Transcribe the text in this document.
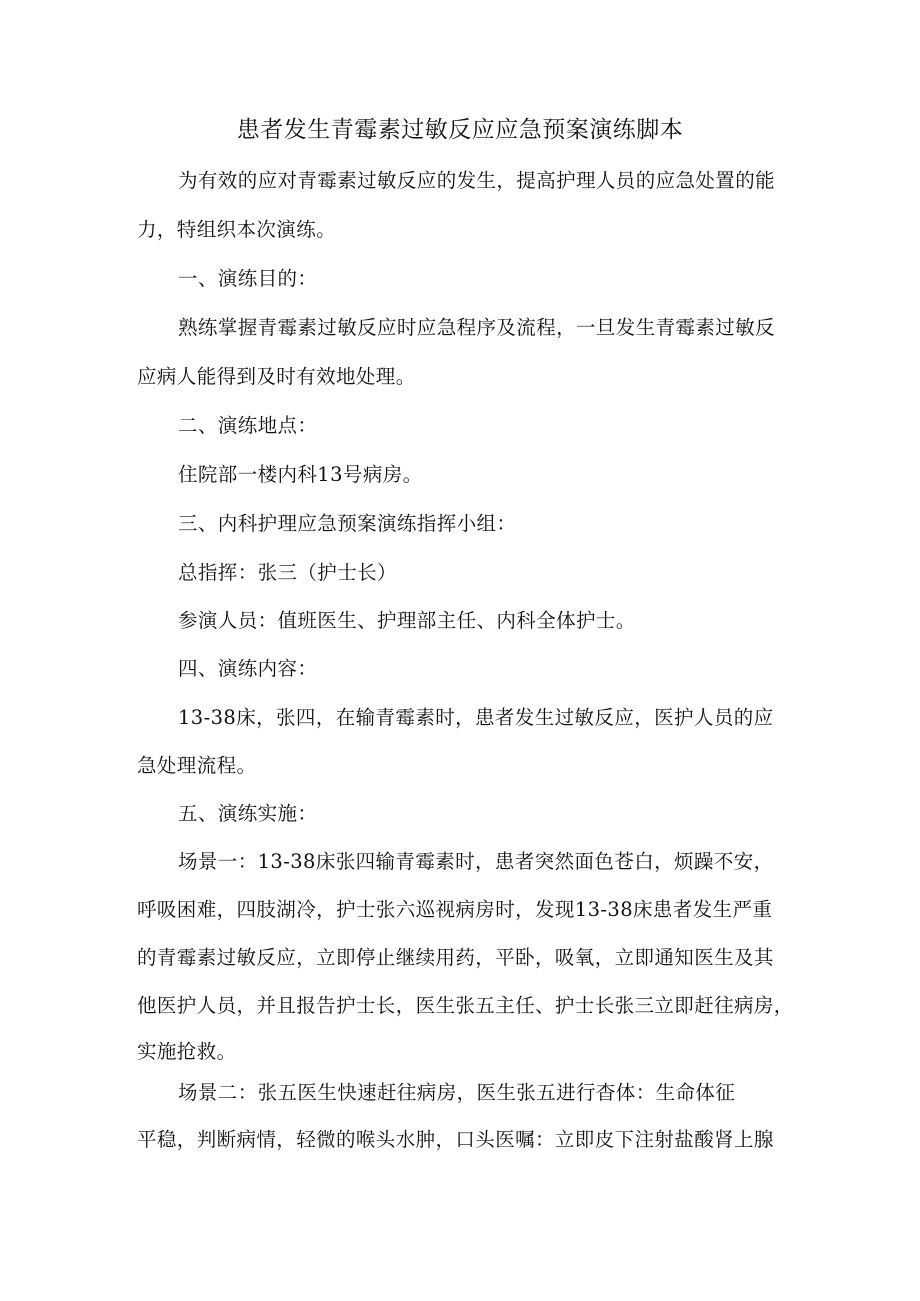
患者发生青霉素过敏反应应急预案演练脚本
为有效的应对青霉素过敏反应的发生，提高护理人员的应急处置的能
力，特组织本次演练。
一、演练目的：
熟练掌握青霉素过敏反应时应急程序及流程，一旦发生青霉素过敏反
应病人能得到及时有效地处理。
二、演练地点：
住院部一楼内科13号病房。
三、内科护理应急预案演练指挥小组：
总指挥：张三（护士长）
参演人员：值班医生、护理部主任、内科全体护士。
四、演练内容：
13-38床，张四，在输青霉素时，患者发生过敏反应，医护人员的应
急处理流程。
五、演练实施：
场景一：13-38床张四输青霉素时，患者突然面色苍白，烦躁不安，
呼吸困难，四肢湖冷，护士张六巡视病房时，发现13-38床患者发生严重
的青霉素过敏反应，立即停止继续用药，平卧，吸氧，立即通知医生及其
他医护人员，并且报告护士长，医生张五主任、护士长张三立即赶往病房，
实施抢救。
场景二：张五医生快速赶往病房，医生张五进行杳体：生命体征
平稳，判断病情，轻微的喉头水肿，口头医嘱：立即皮下注射盐酸肾上腺
